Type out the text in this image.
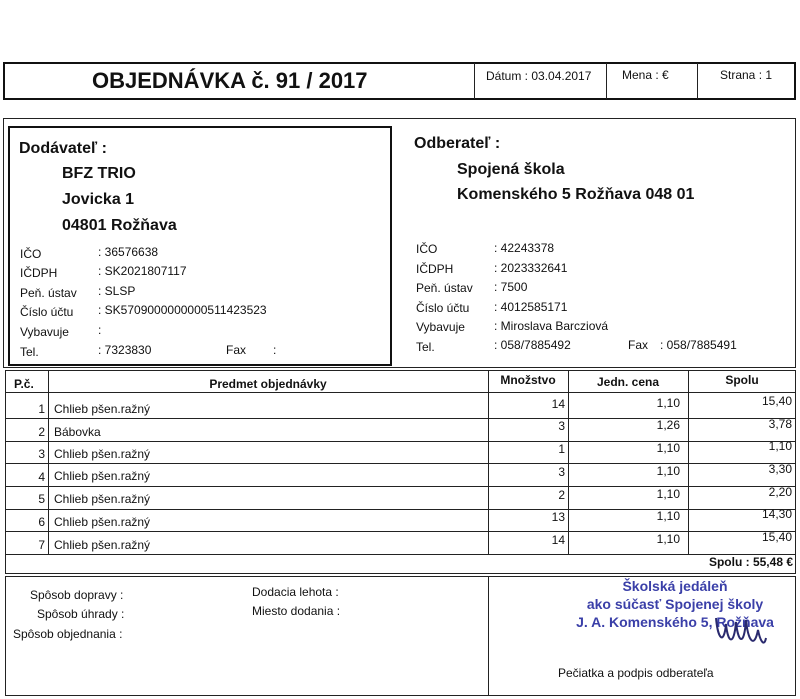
OBJEDNÁVKA č. 91 / 2017	Dátum : 03.04.2017	Mena : €	Strana : 1
Dodávateľ :
BFZ TRIO
Jovicka 1
04801 Rožňava
IČO	: 36576638
IČDPH	: SK2021807117
Peň. ústav : SLSP
Číslo účtu : SK5709000000000511423523
Vybavuje :
Tel.	: 7323830	Fax :
Odberateľ :
Spojená škola
Komenského 5 Rožňava 048 01
IČO	: 42243378
IČDPH	: 2023332641
Peň. ústav : 7500
Číslo účtu : 4012585171
Vybavuje : Miroslava Barcziová
Tel.	: 058/7885492	Fax : 058/7885491
P.č.	Predmet objednávky	Množstvo	Jedn. cena	Spolu
1 Chlieb pšen.ražný	14	1,10	15,40
2 Bábovka	3	1,26	3,78
3 Chlieb pšen.ražný	1	1,10	1,10
4 Chlieb pšen.ražný	3	1,10	3,30
5 Chlieb pšen.ražný	2	1,10	2,20
6 Chlieb pšen.ražný	13	1,10	14,30
7 Chlieb pšen.ražný	14	1,10	15,40
Spolu : 55,48 €
Spôsob dopravy :
Spôsob úhrady :
Spôsob objednania :
Dodacia lehota :
Miesto dodania :
Školská jedáleň
ako súčasť Spojenej školy
J. A. Komenského 5, Rožňava
Pečiatka a podpis odberateľa
